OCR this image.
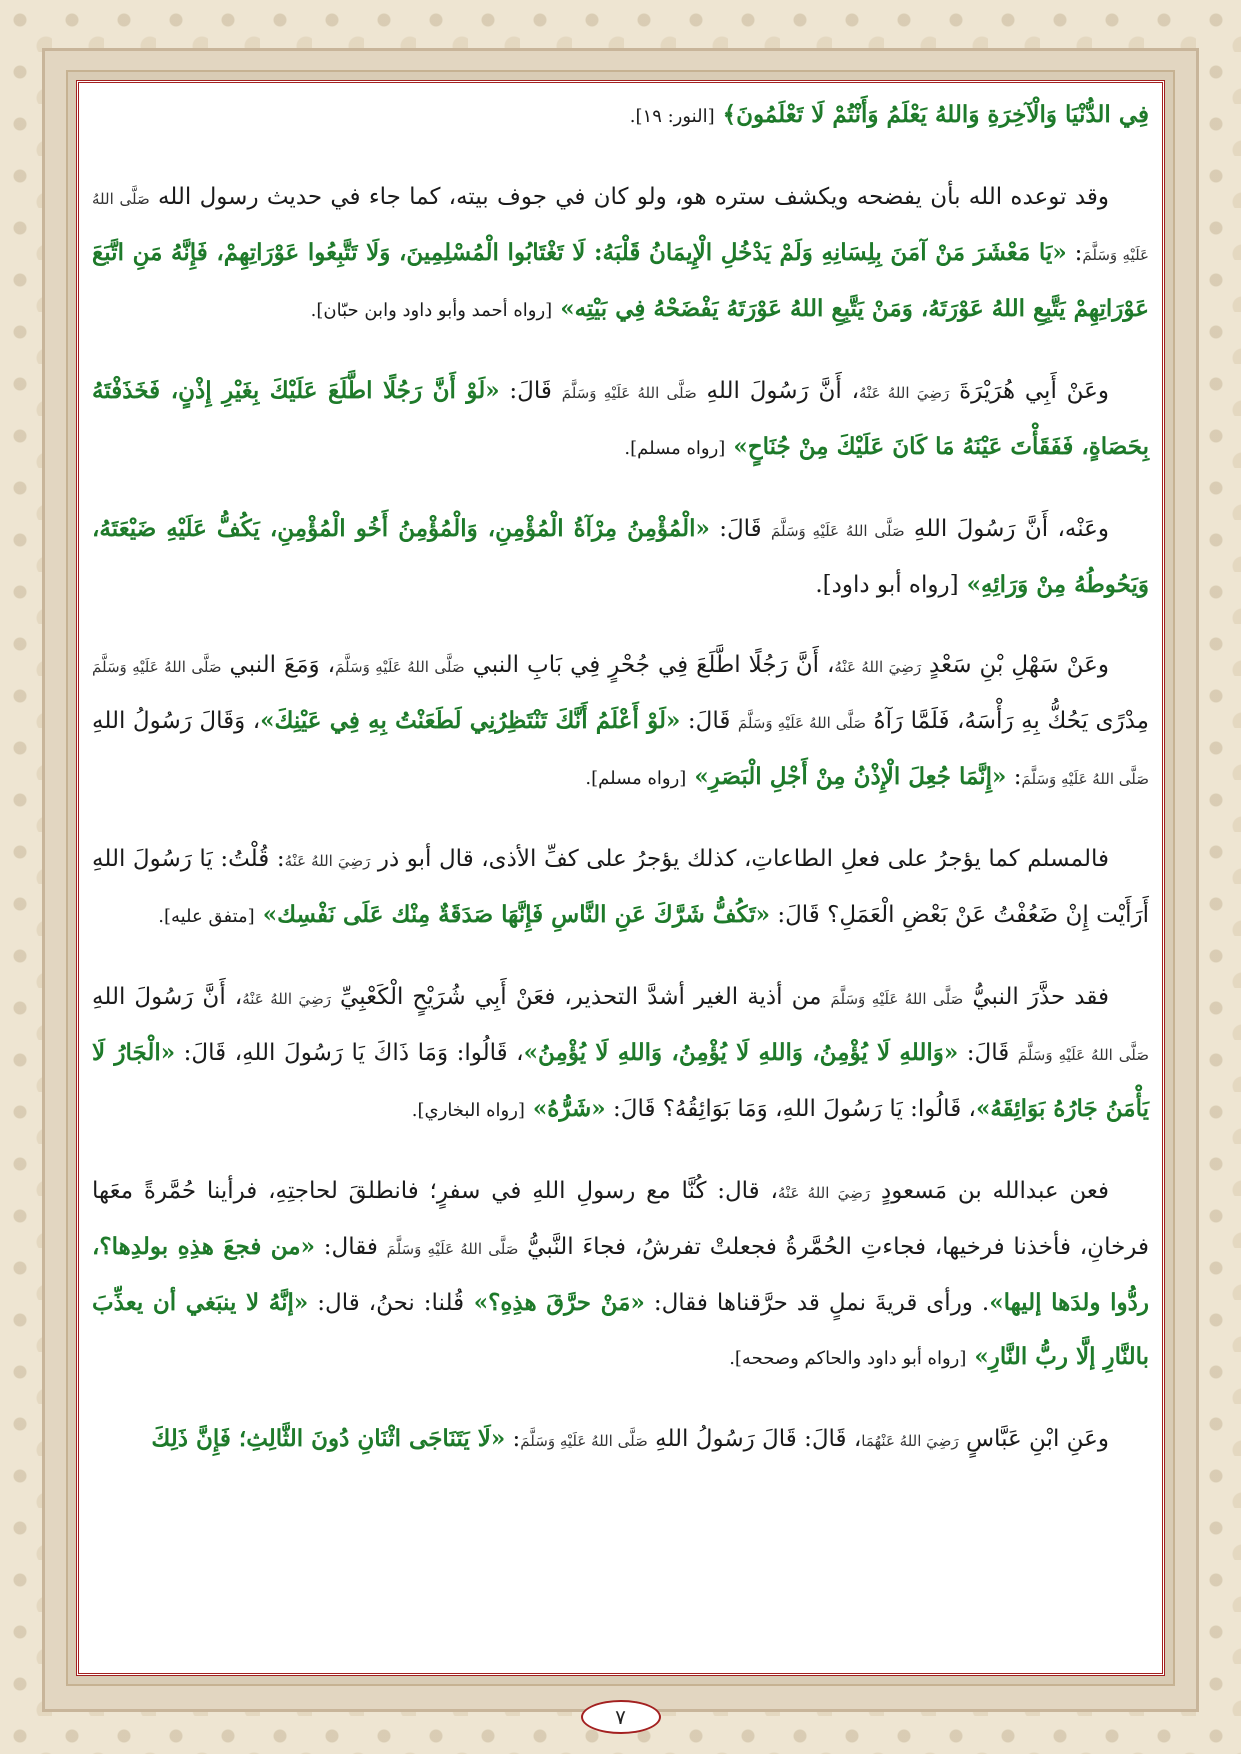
فِي الدُّنْيَا وَالْآخِرَةِ وَاللهُ يَعْلَمُ وَأَنْتُمْ لَا تَعْلَمُونَ﴾ [النور: ١٩].

وقد توعده الله بأن يفضحه ويكشف ستره هو، ولو كان في جوف بيته، كما جاء في حديث رسول الله صَلَّى اللهُ عَلَيْهِ وَسَلَّمَ: «يَا مَعْشَرَ مَنْ آمَنَ بِلِسَانِهِ وَلَمْ يَدْخُلِ الْإِيمَانُ قَلْبَهُ: لَا تَغْتَابُوا الْمُسْلِمِينَ، وَلَا تَتَّبِعُوا عَوْرَاتِهِمْ، فَإِنَّهُ مَنِ اتَّبَعَ عَوْرَاتِهِمْ يَتَّبِعِ اللهُ عَوْرَتَهُ، وَمَنْ يَتَّبِعِ اللهُ عَوْرَتَهُ يَفْضَحْهُ فِي بَيْتِه» [رواه أحمد وأبو داود وابن حبّان].

وعَنْ أَبِي هُرَيْرَةَ رَضِيَ اللهُ عَنْهُ، أَنَّ رَسُولَ اللهِ صَلَّى اللهُ عَلَيْهِ وَسَلَّمَ قَالَ: «لَوْ أَنَّ رَجُلًا اطَّلَعَ عَلَيْكَ بِغَيْرِ إِذْنٍ، فَخَذَفْتَهُ بِحَصَاةٍ، فَفَقَأْتَ عَيْنَهُ مَا كَانَ عَلَيْكَ مِنْ جُنَاحٍ» [رواه مسلم].

وعَنْه، أَنَّ رَسُولَ اللهِ صَلَّى اللهُ عَلَيْهِ وَسَلَّمَ قَالَ: «الْمُؤْمِنُ مِرْآةُ الْمُؤْمِنِ، وَالْمُؤْمِنُ أَخُو الْمُؤْمِنِ، يَكُفُّ عَلَيْهِ ضَيْعَتَهُ، وَيَحُوطُهُ مِنْ وَرَائِهِ» [رواه أبو داود].

وعَنْ سَهْلِ بْنِ سَعْدٍ رَضِيَ اللهُ عَنْهُ، أَنَّ رَجُلًا اطَّلَعَ فِي جُحْرٍ فِي بَابِ النبي صَلَّى اللهُ عَلَيْهِ وَسَلَّمَ، وَمَعَ النبي صَلَّى اللهُ عَلَيْهِ وَسَلَّمَ مِدْرًى يَحُكُّ بِهِ رَأْسَهُ، فَلَمَّا رَآهُ صَلَّى اللهُ عَلَيْهِ وَسَلَّمَ قَالَ: «لَوْ أَعْلَمُ أَنَّكَ تَنْتَظِرُنِي لَطَعَنْتُ بِهِ فِي عَيْنِكَ»، وَقَالَ رَسُولُ اللهِ صَلَّى اللهُ عَلَيْهِ وَسَلَّمَ: «إِنَّمَا جُعِلَ الْإِذْنُ مِنْ أَجْلِ الْبَصَرِ» [رواه مسلم].

فالمسلم كما يؤجرُ على فعلِ الطاعاتِ، كذلك يؤجرُ على كفِّ الأذى، قال أبو ذر رَضِيَ اللهُ عَنْهُ: قُلْتُ: يَا رَسُولَ اللهِ أَرَأَيْت إِنْ ضَعُفْتُ عَنْ بَعْضِ الْعَمَلِ؟ قَالَ: «تَكُفُّ شَرَّكَ عَنِ النَّاسِ فَإِنَّهَا صَدَقَةٌ مِنْك عَلَى نَفْسِك» [متفق عليه].

فقد حذَّرَ النبيُّ صَلَّى اللهُ عَلَيْهِ وَسَلَّمَ من أذية الغير أشدَّ التحذير، فعَنْ أَبِي شُرَيْحٍ الْكَعْبِيِّ رَضِيَ اللهُ عَنْهُ، أَنَّ رَسُولَ اللهِ صَلَّى اللهُ عَلَيْهِ وَسَلَّمَ قَالَ: «وَاللهِ لَا يُؤْمِنُ، وَاللهِ لَا يُؤْمِنُ، وَاللهِ لَا يُؤْمِنُ»، قَالُوا: وَمَا ذَاكَ يَا رَسُولَ اللهِ، قَالَ: «الْجَارُ لَا يَأْمَنُ جَارُهُ بَوَائِقَهُ»، قَالُوا: يَا رَسُولَ اللهِ، وَمَا بَوَائِقُهُ؟ قَالَ: «شَرُّهُ» [رواه البخاري].

فعن عبدالله بن مَسعودٍ رَضِيَ اللهُ عَنْهُ، قال: كُنَّا مع رسولِ اللهِ في سفرٍ؛ فانطلقَ لحاجتِهِ، فرأينا حُمَّرةً معَها فرخانِ، فأخذنا فرخيها، فجاءتِ الحُمَّرةُ فجعلتْ تفرشُ، فجاءَ النَّبيُّ صَلَّى اللهُ عَلَيْهِ وَسَلَّمَ فقال: «من فجعَ هذِهِ بولدِها؟، ردُّوا ولدَها إليها». ورأى قريةَ نملٍ قد حرَّقناها فقال: «مَنْ حرَّقَ هذِهِ؟» قُلنا: نحنُ، قال: «إنَّهُ لا ينبَغي أن يعذِّبَ بالنَّارِ إلَّا ربُّ النَّارِ» [رواه أبو داود والحاكم وصححه].

وعَنِ ابْنِ عَبَّاسٍ رَضِيَ اللهُ عَنْهُمَا، قَالَ: قَالَ رَسُولُ اللهِ صَلَّى اللهُ عَلَيْهِ وَسَلَّمَ: «لَا يَتَنَاجَى اثْنَانِ دُونَ الثَّالِثِ؛ فَإِنَّ ذَلِكَ

٧
